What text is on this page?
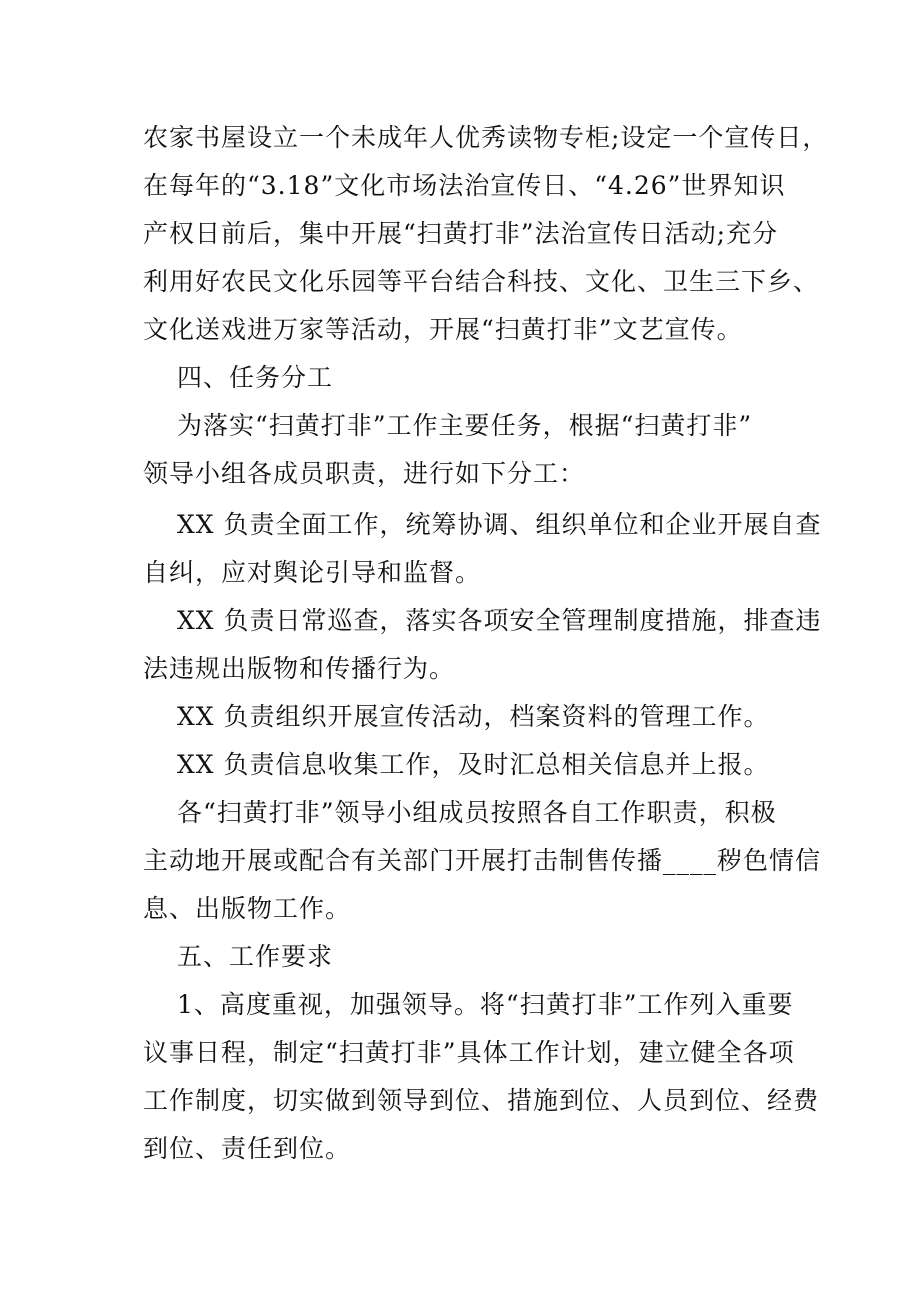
农家书屋设立一个未成年人优秀读物专柜;设定一个宣传日，

在每年的“3.18”文化市场法治宣传日、“4.26”世界知识

产权日前后，集中开展“扫黄打非”法治宣传日活动;充分

利用好农民文化乐园等平台结合科技、文化、卫生三下乡、

文化送戏进万家等活动，开展“扫黄打非”文艺宣传。

四、任务分工

为落实“扫黄打非”工作主要任务，根据“扫黄打非”

领导小组各成员职责，进行如下分工：

XX 负责全面工作，统筹协调、组织单位和企业开展自查

自纠，应对舆论引导和监督。

XX 负责日常巡查，落实各项安全管理制度措施，排查违

法违规出版物和传播行为。

XX 负责组织开展宣传活动，档案资料的管理工作。

XX 负责信息收集工作，及时汇总相关信息并上报。

各“扫黄打非”领导小组成员按照各自工作职责，积极

主动地开展或配合有关部门开展打击制售传播____秽色情信

息、出版物工作。

五、工作要求

1、高度重视，加强领导。将“扫黄打非”工作列入重要

议事日程，制定“扫黄打非”具体工作计划，建立健全各项

工作制度，切实做到领导到位、措施到位、人员到位、经费

到位、责任到位。
